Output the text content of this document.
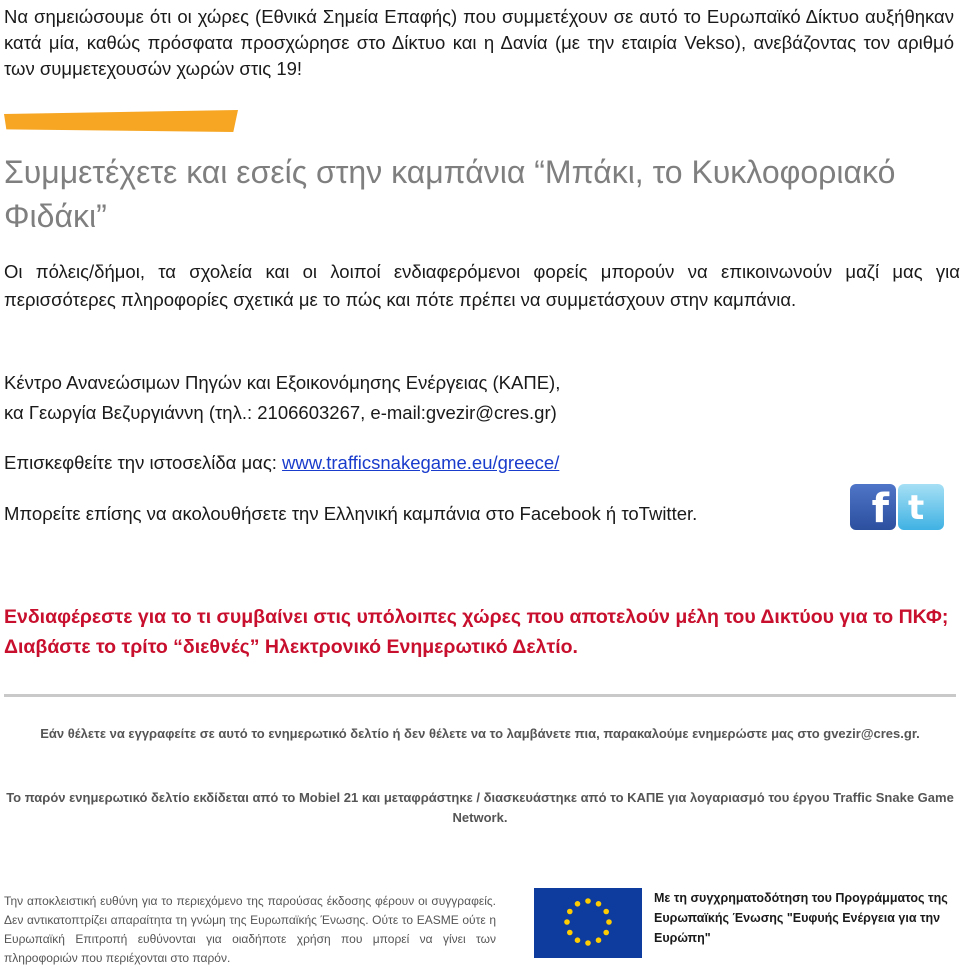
Να σημειώσουμε ότι οι χώρες (Εθνικά Σημεία Επαφής) που συμμετέχουν σε αυτό το Ευρωπαϊκό Δίκτυο αυξήθηκαν κατά μία, καθώς πρόσφατα προσχώρησε στο Δίκτυο και η Δανία (με την εταιρία Vekso), ανεβάζοντας τον αριθμό των συμμετεχουσών χωρών στις 19!

Συμμετέχετε και εσείς στην καμπάνια “Μπάκι, το Κυκλοφοριακό Φιδάκι”

Οι πόλεις/δήμοι, τα σχολεία και οι λοιποί ενδιαφερόμενοι φορείς μπορούν να επικοινωνούν μαζί μας για περισσότερες πληροφορίες σχετικά με το πώς και πότε πρέπει να συμμετάσχουν στην καμπάνια.

Κέντρο Ανανεώσιμων Πηγών και Εξοικονόμησης Ενέργειας (ΚΑΠΕ),
κα Γεωργία Βεζυργιάννη (τηλ.: 2106603267, e-mail:gvezir@cres.gr)
Επισκεφθείτε την ιστοσελίδα μας: www.trafficsnakegame.eu/greece/
Μπορείτε επίσης να ακολουθήσετε την Ελληνική καμπάνια στο Facebook ή τοTwitter.	f t
Ενδιαφέρεστε για το τι συμβαίνει στις υπόλοιπες χώρες που αποτελούν μέλη του Δικτύου για το ΠΚΦ; Διαβάστε το τρίτο “διεθνές” Ηλεκτρονικό Ενημερωτικό Δελτίο.
Εάν θέλετε να εγγραφείτε σε αυτό το ενημερωτικό δελτίο ή δεν θέλετε να το λαμβάνετε πια, παρακαλούμε ενημερώστε μας στο gvezir@cres.gr.
Το παρόν ενημερωτικό δελτίο εκδίδεται από το Mobiel 21 και μεταφράστηκε / διασκευάστηκε από το ΚΑΠΕ για λογαριασμό του έργου Traffic Snake Game Network.
Την αποκλειστική ευθύνη για το περιεχόμενο της παρούσας έκδοσης φέρουν οι συγγραφείς. Δεν αντικατοπτρίζει απαραίτητα τη γνώμη της Ευρωπαϊκής Ένωσης. Ούτε το EASME ούτε η Ευρωπαϊκή Επιτροπή ευθύνονται για οιαδήποτε χρήση που μπορεί να γίνει των πληροφοριών που περιέχονται στο παρόν.
Με τη συγχρηματοδότηση του Προγράμματος της Ευρωπαϊκής Ένωσης "Ευφυής Ενέργεια για την Ευρώπη"
